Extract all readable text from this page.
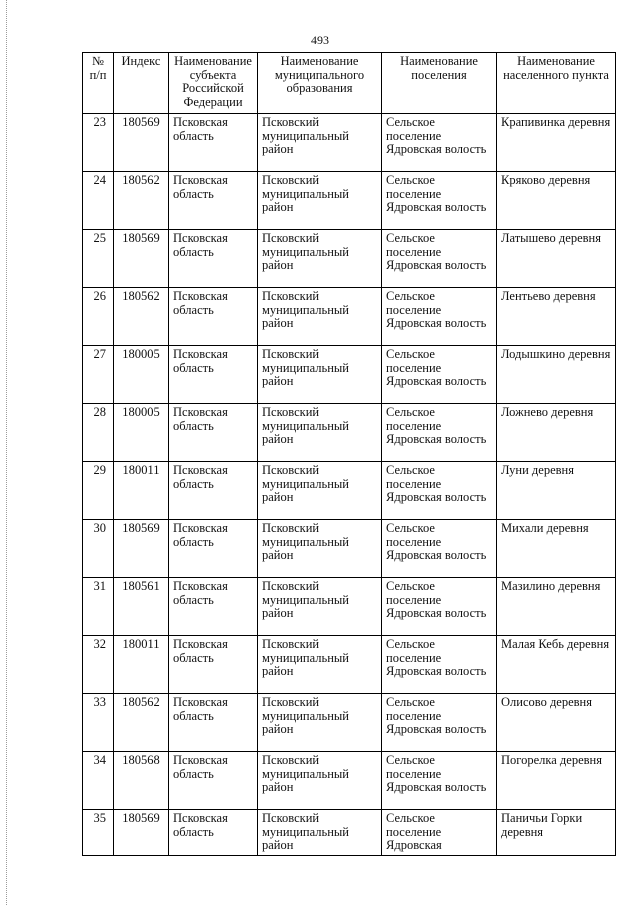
493
№ п/п	Индекс	Наименование субъекта Российской Федерации	Наименование муниципального образования	Наименование поселения	Наименование населенного пункта
23	180569	Псковская область	Псковский муниципальный район	Сельское поселение Ядровская волость	Крапивинка деревня
24	180562	Псковская область	Псковский муниципальный район	Сельское поселение Ядровская волость	Кряково деревня
25	180569	Псковская область	Псковский муниципальный район	Сельское поселение Ядровская волость	Латышево деревня
26	180562	Псковская область	Псковский муниципальный район	Сельское поселение Ядровская волость	Лентьево деревня
27	180005	Псковская область	Псковский муниципальный район	Сельское поселение Ядровская волость	Лодышкино деревня
28	180005	Псковская область	Псковский муниципальный район	Сельское поселение Ядровская волость	Ложнево деревня
29	180011	Псковская область	Псковский муниципальный район	Сельское поселение Ядровская волость	Луни деревня
30	180569	Псковская область	Псковский муниципальный район	Сельское поселение Ядровская волость	Михали деревня
31	180561	Псковская область	Псковский муниципальный район	Сельское поселение Ядровская волость	Мазилино деревня
32	180011	Псковская область	Псковский муниципальный район	Сельское поселение Ядровская волость	Малая Кебь деревня
33	180562	Псковская область	Псковский муниципальный район	Сельское поселение Ядровская волость	Олисово деревня
34	180568	Псковская область	Псковский муниципальный район	Сельское поселение Ядровская волость	Погорелка деревня
35	180569	Псковская область	Псковский муниципальный район	Сельское поселение Ядровская	Паничьи Горки деревня
